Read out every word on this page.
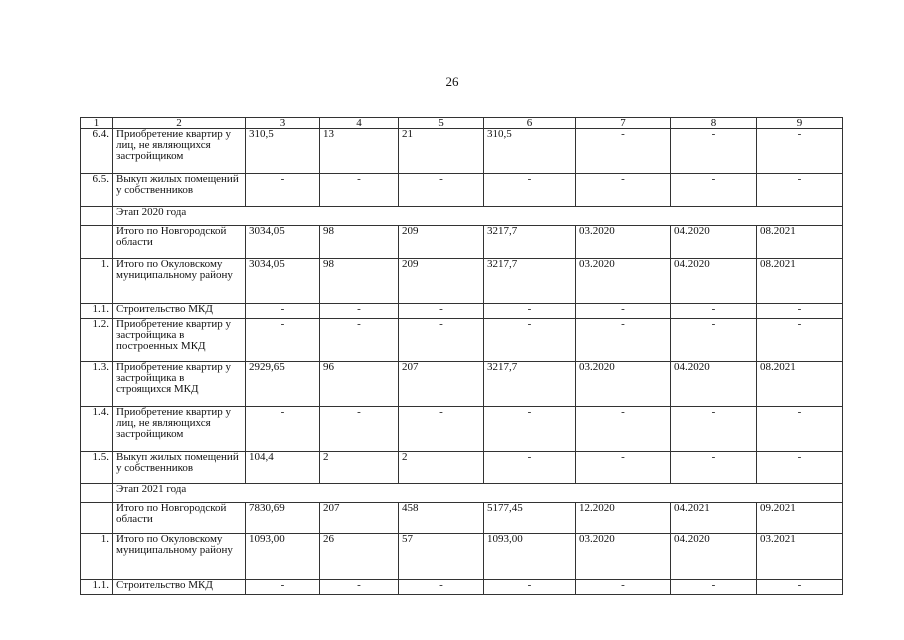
26
1	2	3	4	5	6	7	8	9
6.4.	Приобретение квартир у лиц, не являющихся застройщиком	310,5	13	21	310,5	-	-	-
6.5.	Выкуп жилых помещений у собственников	-	-	-	-	-	-	-
	Этап 2020 года							
	Итого по Новгородской области	3034,05	98	209	3217,7	03.2020	04.2020	08.2021
1.	Итого по Окуловскому муниципальному району	3034,05	98	209	3217,7	03.2020	04.2020	08.2021
1.1.	Строительство МКД	-	-	-	-	-	-	-
1.2.	Приобретение квартир у застройщика в построенных МКД	-	-	-	-	-	-	-
1.3.	Приобретение квартир у застройщика в строящихся МКД	2929,65	96	207	3217,7	03.2020	04.2020	08.2021
1.4.	Приобретение квартир у лиц, не являющихся застройщиком	-	-	-	-	-	-	-
1.5.	Выкуп жилых помещений у собственников	104,4	2	2	-	-	-	-
	Этап 2021 года							
	Итого по Новгородской области	7830,69	207	458	5177,45	12.2020	04.2021	09.2021
1.	Итого по Окуловскому муниципальному району	1093,00	26	57	1093,00	03.2020	04.2020	03.2021
1.1.	Строительство МКД	-	-	-	-	-	-	-
